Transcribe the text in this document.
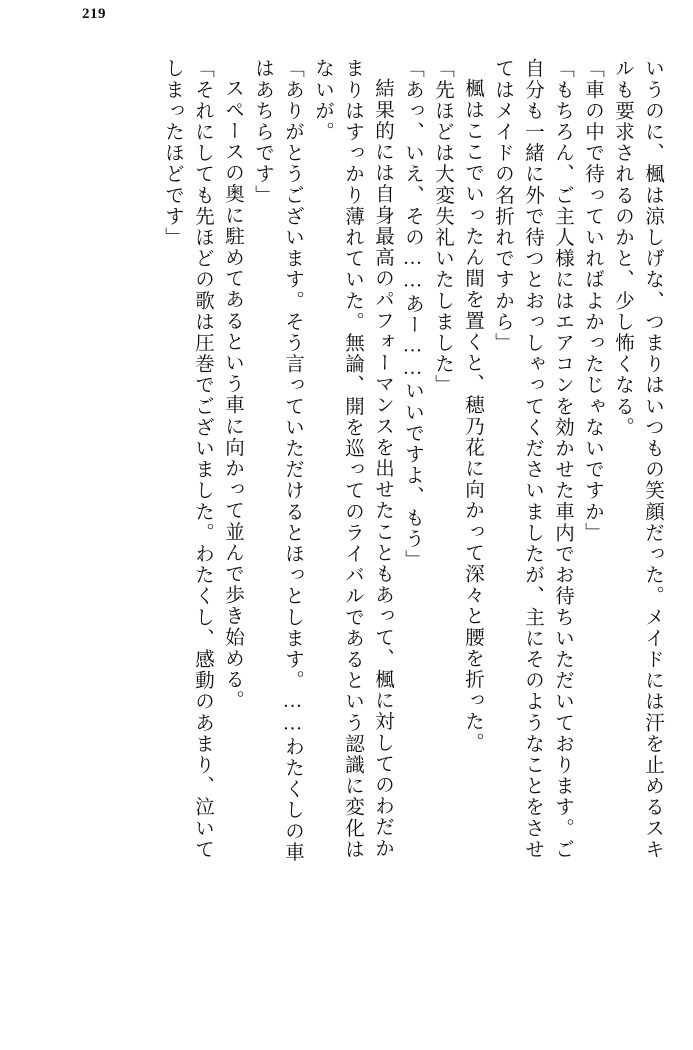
219
いうのに、楓は涼しげな、つまりはいつもの笑顔だった。メイドには汗を止めるスキ
ルも要求されるのかと、少し怖くなる。
「車の中で待っていればよかったじゃないですか」
「もちろん、ご主人様にはエアコンを効かせた車内でお待ちいただいております。ご
自分も一緒に外で待つとおっしゃってくださいましたが、主にそのようなことをさせ
てはメイドの名折れですから」
楓はここでいったん間を置くと、穂乃花に向かって深々と腰を折った。
「先ほどは大変失礼いたしました」
「あっ、いえ、その……あー……いいですよ、もう」
結果的には自身最高のパフォーマンスを出せたこともあって、楓に対してのわだか
まりはすっかり薄れていた。無論、開を巡ってのライバルであるという認識に変化は
ないが。
「ありがとうございます。そう言っていただけるとほっとします。……わたくしの車
はあちらです」
スペースの奥に駐めてあるという車に向かって並んで歩き始める。
「それにしても先ほどの歌は圧巻でございました。わたくし、感動のあまり、泣いて
しまったほどです」
